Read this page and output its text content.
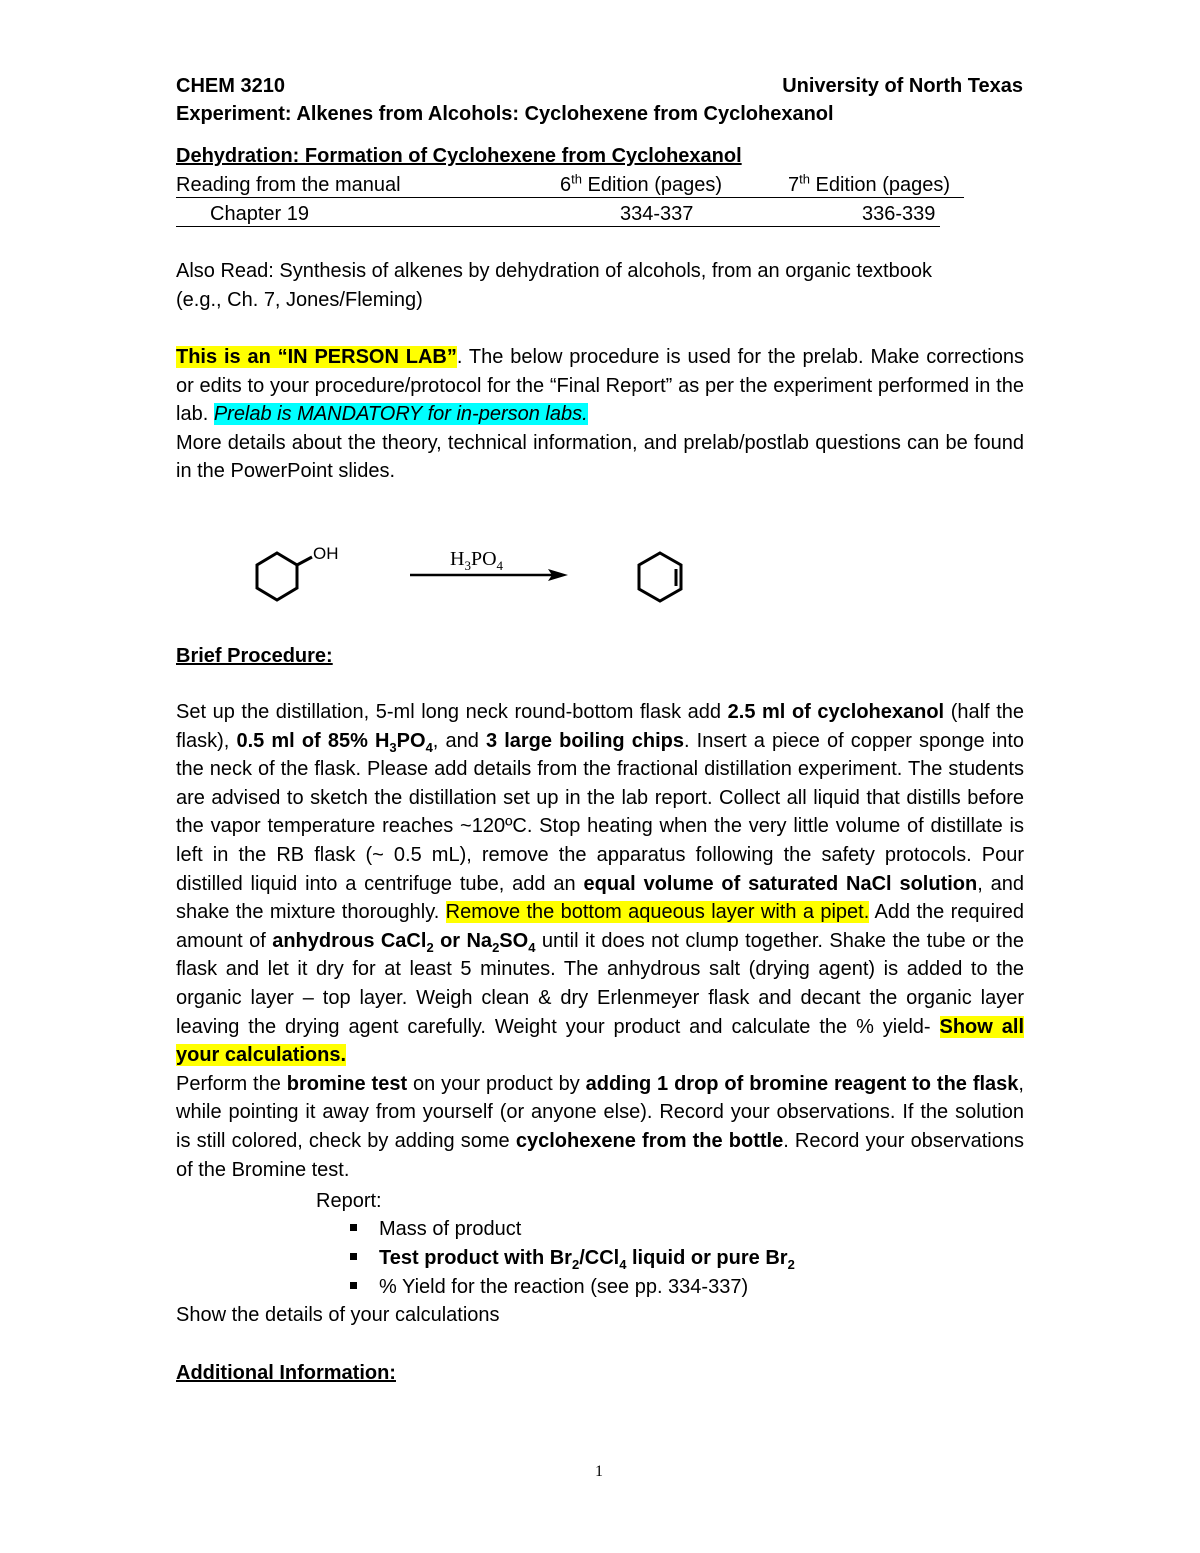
CHEM 3210	University of North Texas
Experiment: Alkenes from Alcohols: Cyclohexene from Cyclohexanol
Dehydration: Formation of Cyclohexene from Cyclohexanol
Reading from the manual	6th Edition (pages)	7th Edition (pages)
Chapter 19	334-337	336-339
Also Read: Synthesis of alkenes by dehydration of alcohols, from an organic textbook
(e.g., Ch. 7, Jones/Fleming)

This is an “IN PERSON LAB”. The below procedure is used for the prelab. Make corrections or edits to your procedure/protocol for the “Final Report” as per the experiment performed in the lab. Prelab is MANDATORY for in-person labs.

More details about the theory, technical information, and prelab/postlab questions can be found in the PowerPoint slides.

OH	$H_3PO_4$
Brief Procedure:

Set up the distillation, 5-ml long neck round-bottom flask add 2.5 ml of cyclohexanol (half the flask), 0.5 ml of 85% $H_3PO_4$, and 3 large boiling chips. Insert a piece of copper sponge into the neck of the flask. Please add details from the fractional distillation experiment. The students are advised to sketch the distillation set up in the lab report. Collect all liquid that distills before the vapor temperature reaches ~120ºC. Stop heating when the very little volume of distillate is left in the RB flask (~ 0.5 mL), remove the apparatus following the safety protocols. Pour distilled liquid into a centrifuge tube, add an equal volume of saturated NaCl solution, and shake the mixture thoroughly. Remove the bottom aqueous layer with a pipet. Add the required amount of anhydrous CaCl$_2$ or $Na_2SO_4$ until it does not clump together. Shake the tube or the flask and let it dry for at least 5 minutes. The anhydrous salt (drying agent) is added to the organic layer – top layer. Weigh clean & dry Erlenmeyer flask and decant the organic layer leaving the drying agent carefully. Weight your product and calculate the % yield- Show all your calculations.

Perform the bromine test on your product by adding 1 drop of bromine reagent to the flask, while pointing it away from yourself (or anyone else). Record your observations. If the solution is still colored, check by adding some cyclohexene from the bottle. Record your observations of the Bromine test.

Report:
Mass of product
Test product with $Br_2/CCl_4$ liquid or pure $Br_2$
% Yield for the reaction (see pp. 334-337)
Show the details of your calculations
Additional Information:
1
